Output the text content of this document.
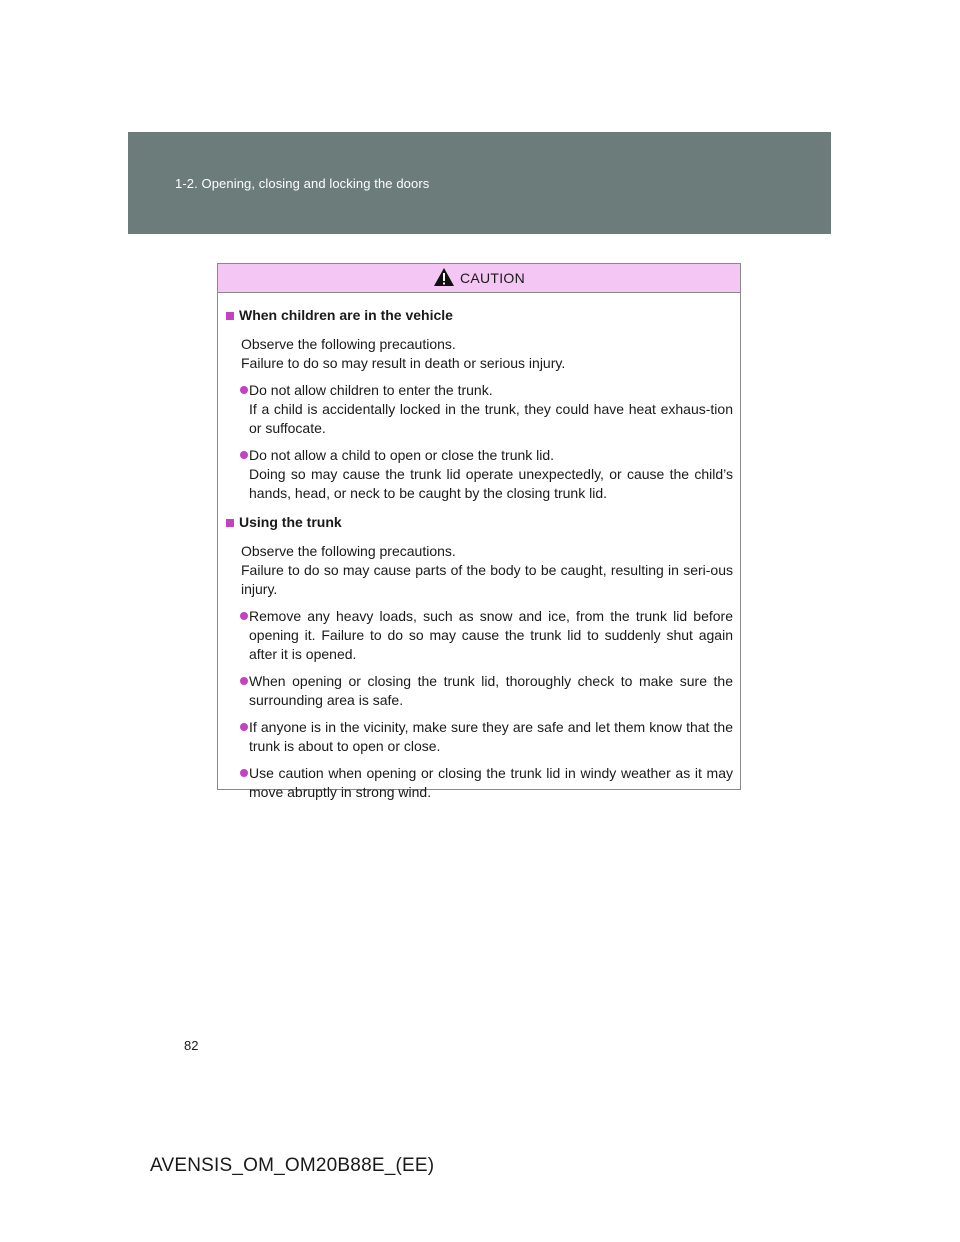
1-2. Opening, closing and locking the doors
CAUTION
When children are in the vehicle
Observe the following precautions.
Failure to do so may result in death or serious injury.
Do not allow children to enter the trunk.
If a child is accidentally locked in the trunk, they could have heat exhaus-tion or suffocate.
Do not allow a child to open or close the trunk lid.
Doing so may cause the trunk lid operate unexpectedly, or cause the child’s hands, head, or neck to be caught by the closing trunk lid.
Using the trunk
Observe the following precautions.
Failure to do so may cause parts of the body to be caught, resulting in seri-ous injury.
Remove any heavy loads, such as snow and ice, from the trunk lid before opening it. Failure to do so may cause the trunk lid to suddenly shut again after it is opened.
When opening or closing the trunk lid, thoroughly check to make sure the surrounding area is safe.
If anyone is in the vicinity, make sure they are safe and let them know that the trunk is about to open or close.
Use caution when opening or closing the trunk lid in windy weather as it may move abruptly in strong wind.
82
AVENSIS_OM_OM20B88E_(EE)
